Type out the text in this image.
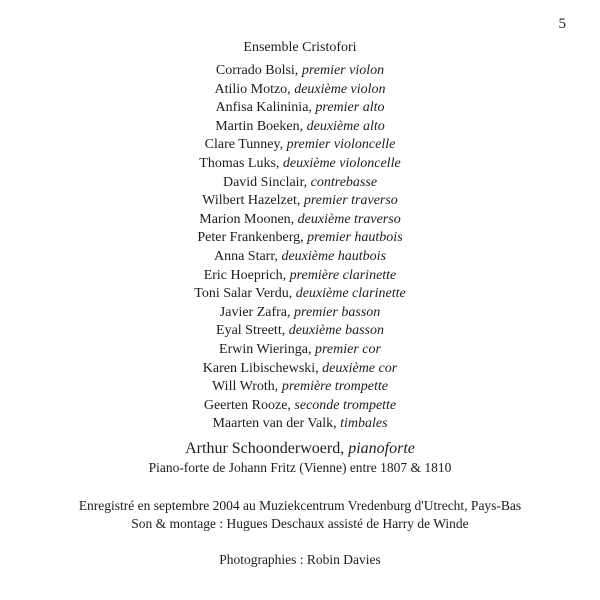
5
Ensemble Cristofori
Corrado Bolsi, premier violon
Atilio Motzo, deuxième violon
Anfisa Kalininia, premier alto
Martin Boeken, deuxième alto
Clare Tunney, premier violoncelle
Thomas Luks, deuxième violoncelle
David Sinclair, contrebasse
Wilbert Hazelzet, premier traverso
Marion Moonen, deuxième traverso
Peter Frankenberg, premier hautbois
Anna Starr, deuxième hautbois
Eric Hoeprich, première clarinette
Toni Salar Verdu, deuxième clarinette
Javier Zafra, premier basson
Eyal Streett, deuxième basson
Erwin Wieringa, premier cor
Karen Libischewski, deuxième cor
Will Wroth, première trompette
Geerten Rooze, seconde trompette
Maarten van der Valk, timbales
Arthur Schoonderwoerd, pianoforte
Piano-forte de Johann Fritz (Vienne) entre 1807 & 1810
Enregistré en septembre 2004 au Muziekcentrum Vredenburg d'Utrecht, Pays-Bas
Son & montage : Hugues Deschaux assisté de Harry de Winde
Photographies : Robin Davies
